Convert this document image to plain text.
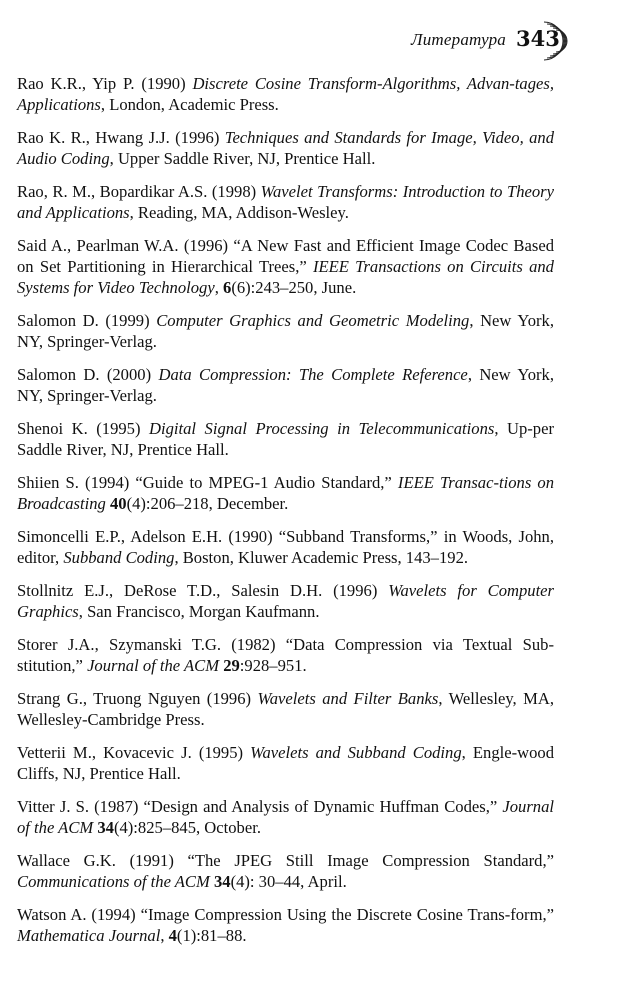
Литература 343

Rao K.R., Yip P. (1990) Discrete Cosine Transform-Algorithms, Advan-tages, Applications, London, Academic Press.

Rao K. R., Hwang J.J. (1996) Techniques and Standards for Image, Video, and Audio Coding, Upper Saddle River, NJ, Prentice Hall.

Rao, R. M., Bopardikar A.S. (1998) Wavelet Transforms: Introduction to Theory and Applications, Reading, MA, Addison-Wesley.

Said A., Pearlman W.A. (1996) “A New Fast and Efficient Image Codec Based on Set Partitioning in Hierarchical Trees,” IEEE Transactions on Circuits and Systems for Video Technology, 6(6):243–250, June.

Salomon D. (1999) Computer Graphics and Geometric Modeling, New York, NY, Springer-Verlag.

Salomon D. (2000) Data Compression: The Complete Reference, New York, NY, Springer-Verlag.

Shenoi K. (1995) Digital Signal Processing in Telecommunications, Up-per Saddle River, NJ, Prentice Hall.

Shiien S. (1994) “Guide to MPEG-1 Audio Standard,” IEEE Transac-tions on Broadcasting 40(4):206–218, December.

Simoncelli E.P., Adelson E.H. (1990) “Subband Transforms,” in Woods, John, editor, Subband Coding, Boston, Kluwer Academic Press, 143–192.

Stollnitz E.J., DeRose T.D., Salesin D.H. (1996) Wavelets for Computer Graphics, San Francisco, Morgan Kaufmann.

Storer J.A., Szymanski T.G. (1982) “Data Compression via Textual Sub-stitution,” Journal of the ACM 29:928–951.

Strang G., Truong Nguyen (1996) Wavelets and Filter Banks, Wellesley, MA, Wellesley-Cambridge Press.

Vetterii M., Kovacevic J. (1995) Wavelets and Subband Coding, Engle-wood Cliffs, NJ, Prentice Hall.

Vitter J. S. (1987) “Design and Analysis of Dynamic Huffman Codes,” Journal of the ACM 34(4):825–845, October.

Wallace G.K. (1991) “The JPEG Still Image Compression Standard,” Communications of the ACM 34(4): 30–44, April.

Watson A. (1994) “Image Compression Using the Discrete Cosine Trans-form,” Mathematica Journal, 4(1):81–88.
